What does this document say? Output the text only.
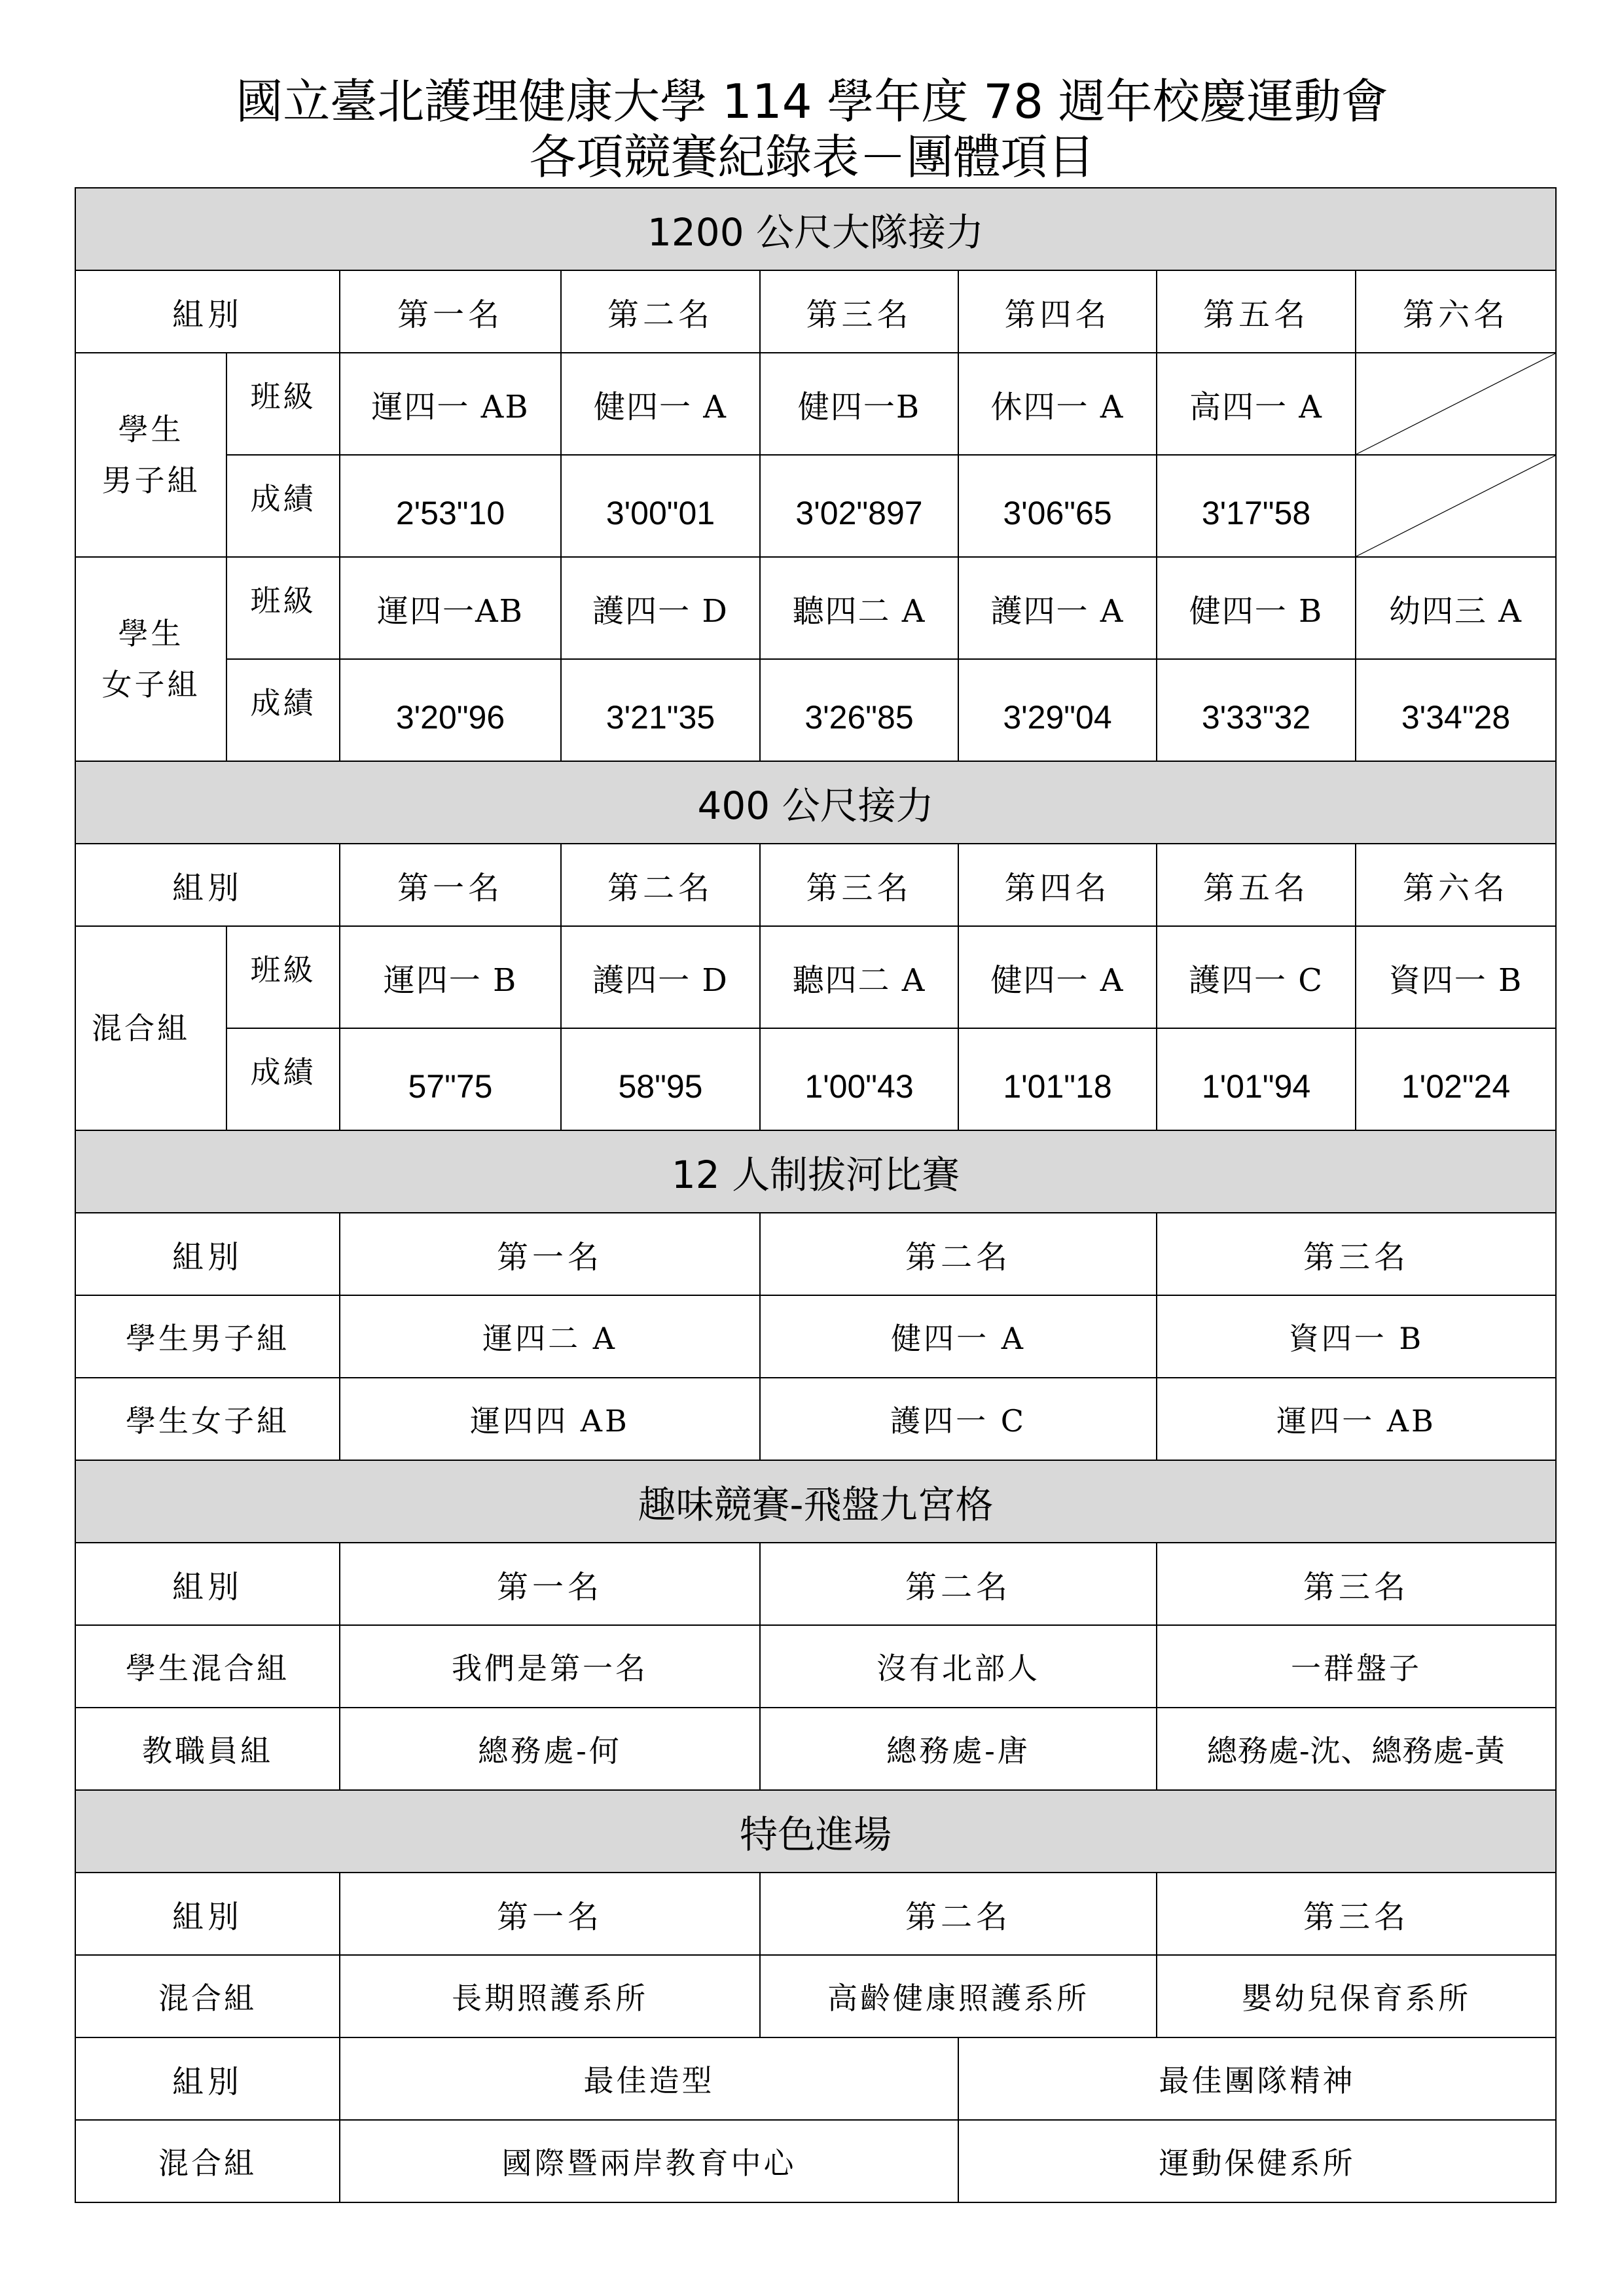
國立臺北護理健康大學 114 學年度 78 週年校慶運動會
各項競賽紀錄表－團體項目
1200 公尺大隊接力							
組別		第一名	第二名	第三名	第四名	第五名	第六名
學生
男子組	班級	運四一 AB	健四一 A	健四一B	休四一 A	高四一 A	

	成績	2'53"10	3'00"01	3'02"897	3'06"65	3'17"58	

學生
女子組	班級	運四一AB	護四一 D	聽四二 A	護四一 A	健四一 B	幼四三 A
	成績	3'20"96	3'21"35	3'26"85	3'29"04	3'33"32	3'34"28
400 公尺接力							
組別		第一名	第二名	第三名	第四名	第五名	第六名
混合組	班級	運四一 B	護四一 D	聽四二 A	健四一 A	護四一 C	資四一 B
	成績	57"75	58"95	1'00"43	1'01"18	1'01"94	1'02"24
12 人制拔河比賽							
組別		第一名		第二名		第三名	
學生男子組		運四二 A		健四一 A		資四一 B	
學生女子組		運四四 AB		護四一 C		運四一 AB	
趣味競賽-飛盤九宮格							
組別		第一名		第二名		第三名	
學生混合組		我們是第一名		沒有北部人		一群盤子	
教職員組		總務處-何		總務處-唐		總務處-沈、總務處-黃	
特色進場							
組別		第一名		第二名		第三名	
混合組		長期照護系所		高齡健康照護系所		嬰幼兒保育系所	
組別		最佳造型			最佳團隊精神		
混合組		國際暨兩岸教育中心			運動保健系所		
